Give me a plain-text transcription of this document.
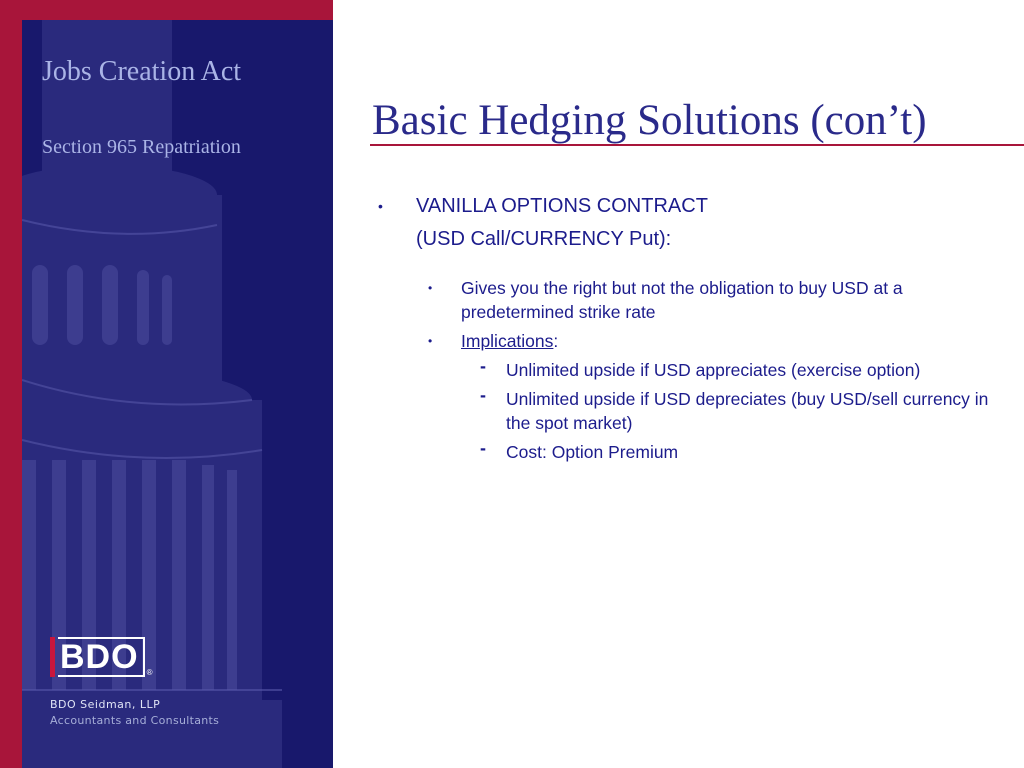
Jobs Creation Act
Section 965 Repatriation
BDO	®
BDO Seidman, LLP
Accountants and Consultants
Basic Hedging Solutions (con’t)
• VANILLA OPTIONS CONTRACT
(USD Call/CURRENCY Put):
• Gives you the right but not the obligation to buy USD at a predetermined strike rate
• Implications:
- Unlimited upside if USD appreciates (exercise option)
- Unlimited upside if USD depreciates (buy USD/sell currency in the spot market)
- Cost: Option Premium
